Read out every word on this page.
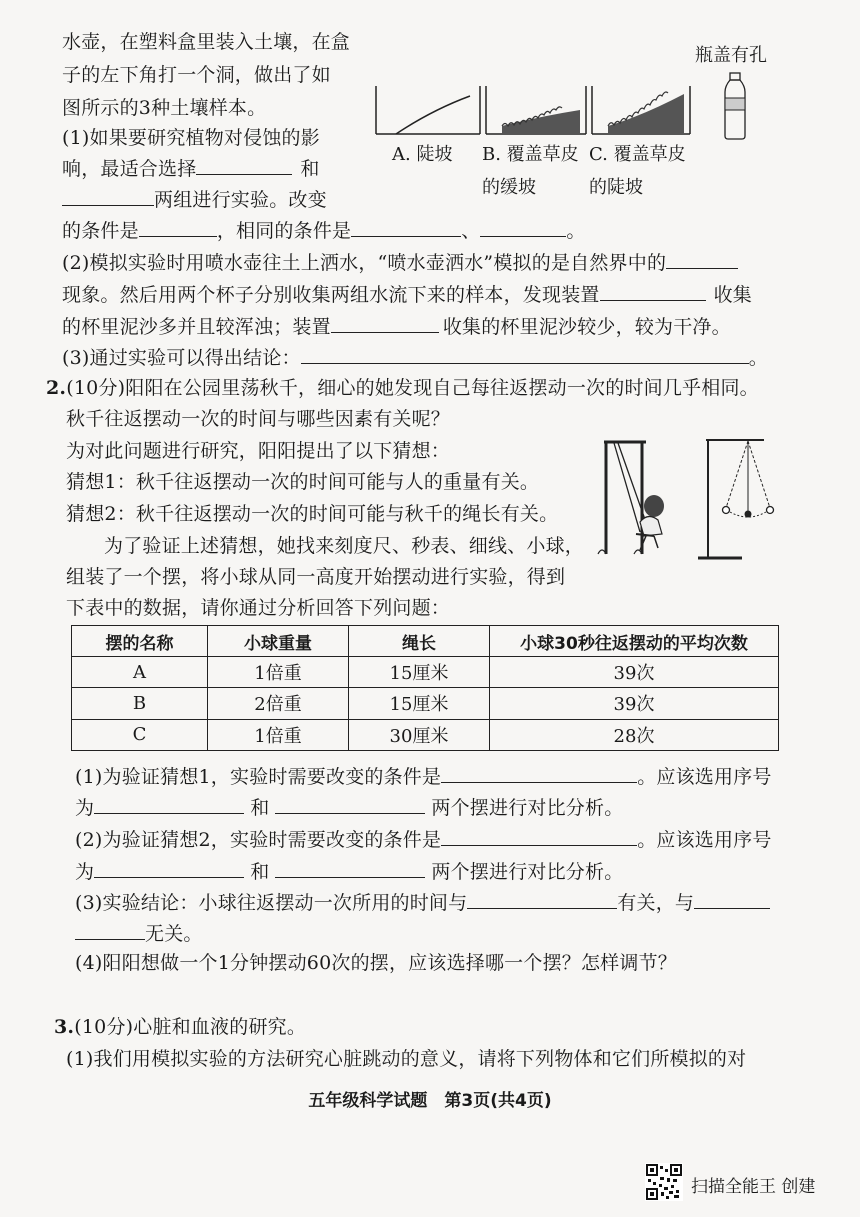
水壶，在塑料盒里装入土壤，在盒
子的左下角打一个洞，做出了如
图所示的3种土壤样本。
瓶盖有孔
A. 陡坡 B. 覆盖草皮
的缓坡
C. 覆盖草皮
的陡坡
(1)如果要研究植物对侵蚀的影
响，最适合选择	和
两组进行实验。改变
的条件是	，相同的条件是	、	。
(2)模拟实验时用喷水壶往土上洒水，“喷水壶洒水”模拟的是自然界中的
现象。然后用两个杯子分别收集两组水流下来的样本，发现装置	收集
的杯里泥沙多并且较浑浊；装置	收集的杯里泥沙较少，较为干净。
(3)通过实验可以得出结论：	。
2.(10分)阳阳在公园里荡秋千，细心的她发现自己每往返摆动一次的时间几乎相同。
秋千往返摆动一次的时间与哪些因素有关呢？
为对此问题进行研究，阳阳提出了以下猜想：
猜想1：秋千往返摆动一次的时间可能与人的重量有关。
猜想2：秋千往返摆动一次的时间可能与秋千的绳长有关。
为了验证上述猜想，她找来刻度尺、秒表、细线、小球，
组装了一个摆，将小球从同一高度开始摆动进行实验，得到
下表中的数据，请你通过分析回答下列问题：
摆的名称	小球重量	绳长	小球30秒往返摆动的平均次数
A	1倍重	15厘米	39次
B	2倍重	15厘米	39次
C	1倍重	30厘米	28次
(1)为验证猜想1，实验时需要改变的条件是	。应该选用序号
为	和	两个摆进行对比分析。
(2)为验证猜想2，实验时需要改变的条件是	。应该选用序号
为	和	两个摆进行对比分析。
(3)实验结论：小球往返摆动一次所用的时间与	有关，与
无关。
(4)阳阳想做一个1分钟摆动60次的摆，应该选择哪一个摆？怎样调节？
3.(10分)心脏和血液的研究。
(1)我们用模拟实验的方法研究心脏跳动的意义，请将下列物体和它们所模拟的对
五年级科学试题　第3页(共4页)
扫描全能王 创建
